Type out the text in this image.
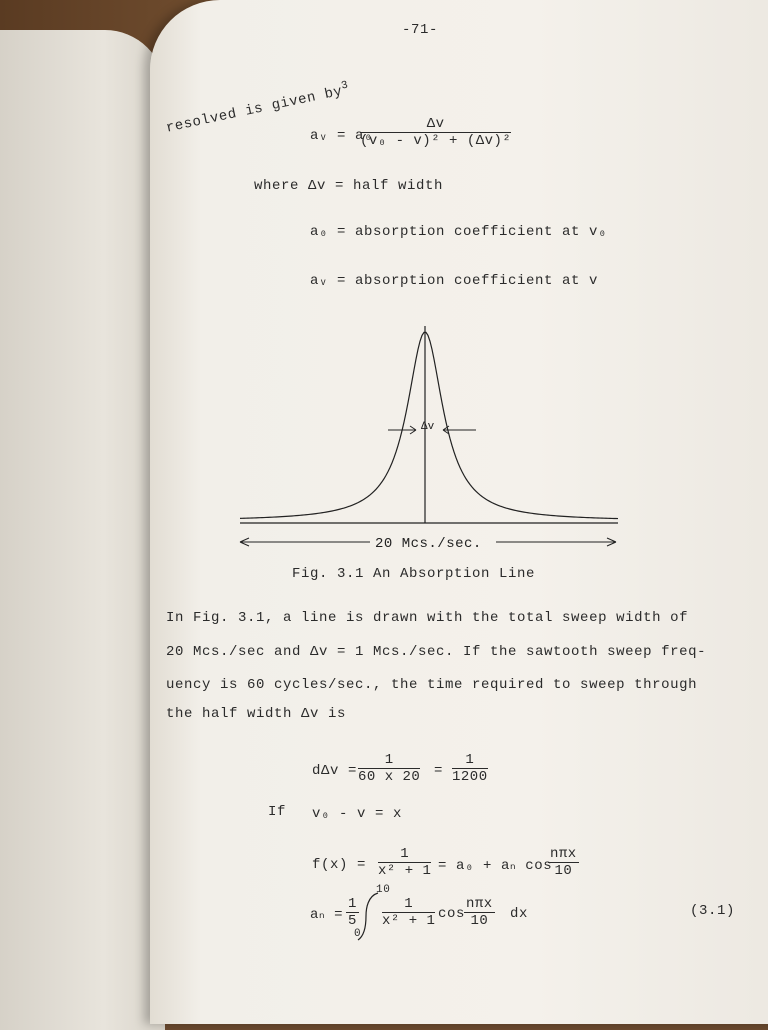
-71-
resolved is given $by^3$
aᵥ = a₀
$\frac{\Delta v}{\text{(v₀ - v)² + (Δv)²}}$
where Δv = half width
a₀ = absorption coefficient at v₀
aᵥ = absorption coefficient at v
Δv
20 Mcs./sec.
Fig. 3.1 An Absorption Line
In Fig. 3.1, a line is drawn with the total sweep width of
20 Mcs./sec and Δv = 1 Mcs./sec. If the sawtooth sweep freq-
uency is 60 cycles/sec., the time required to sweep through
the half width Δv is
$d\Delta v = \frac{1}{60 x 20} = \frac{1}{1200}$
If v₀ - v = x
$f(x) = \frac{1}{\text{x² + 1}} = a_0 + a_n$ cos
nπx
10
$a_n = \frac{1}{5}$
10
0
$\frac{1}{\text{x² + 1}}$ cos
nπx
10	dx	(3.1)
